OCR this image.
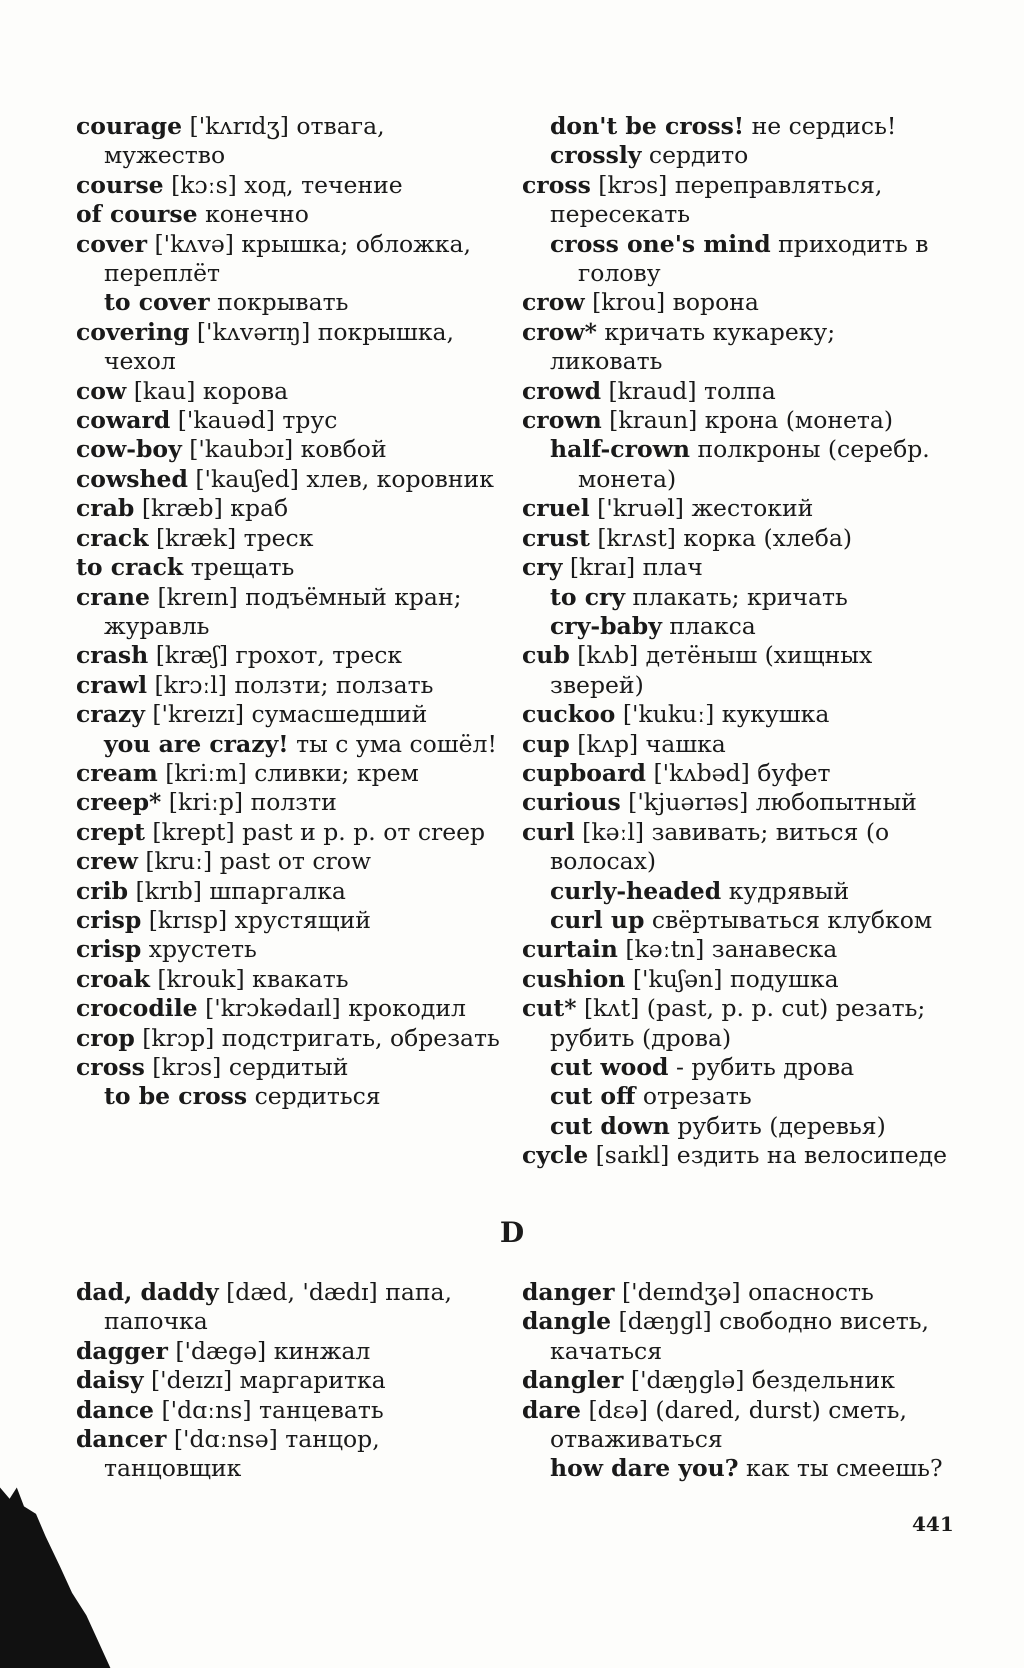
courage ['kʌrɪdʒ] отвага, мужество

course [kɔːs] ход, течение

of course конечно

cover ['kʌvə] крышка; обложка, переплёт

to cover покрывать

covering ['kʌvərɪŋ] покрышка, чехол

cow [kau] корова

coward ['kauəd] трус

cow-boy ['kaubɔɪ] ковбой

cowshed ['kauʃed] хлев, коровник

crab [kræb] краб

crack [kræk] треск

to crack трещать

crane [kreɪn] подъёмный кран; журавль

crash [kræʃ] грохот, треск

crawl [krɔːl] ползти; ползать

crazy ['kreɪzɪ] сумасшедший

you are crazy! ты с ума сошёл!

cream [kriːm] сливки; крем

creep* [kriːp] ползти

crept [krept] past и p. p. от creep

crew [kruː] past от crow

crib [krɪb] шпаргалка

crisp [krɪsp] хрустящий

crisp хрустеть

croak [krouk] квакать

crocodile ['krɔkədaɪl] крокодил

crop [krɔp] подстригать, обрезать

cross [krɔs] сердитый

to be cross сердиться

don't be cross! не сердись!

crossly сердито

cross [krɔs] переправляться, пересекать

cross one's mind приходить в голову

crow [krou] ворона

crow* кричать кукареку; ликовать

crowd [kraud] толпа

crown [kraun] крона (монета)

half-crown полкроны (серебр. монета)

cruel ['kruəl] жестокий

crust [krʌst] корка (хлеба)

cry [kraɪ] плач

to cry плакать; кричать

cry-baby плакса

cub [kʌb] детёныш (хищных зверей)

cuckoo ['kukuː] кукушка

cup [kʌp] чашка

cupboard ['kʌbəd] буфет

curious ['kjuərɪəs] любопытный

curl [kəːl] завивать; виться (о волосах)

curly-headed кудрявый

curl up свёртываться клубком

curtain [kəːtn] занавеска

cushion ['kuʃən] подушка

cut* [kʌt] (past, p. p. cut) резать; рубить (дрова)

cut wood - рубить дрова

cut off отрезать

cut down рубить (деревья)

cycle [saɪkl] ездить на велосипеде

D

dad, daddy [dæd, 'dædɪ] папа, папочка

dagger ['dægə] кинжал

daisy ['deɪzɪ] маргаритка

dance ['dɑːns] танцевать

dancer ['dɑːnsə] танцор, танцовщик

danger ['deɪndʒə] опасность

dangle [dæŋgl] свободно висеть, качаться

dangler ['dæŋglə] бездельник

dare [dɛə] (dared, durst) сметь, отваживаться

how dare you? как ты смеешь?

441
